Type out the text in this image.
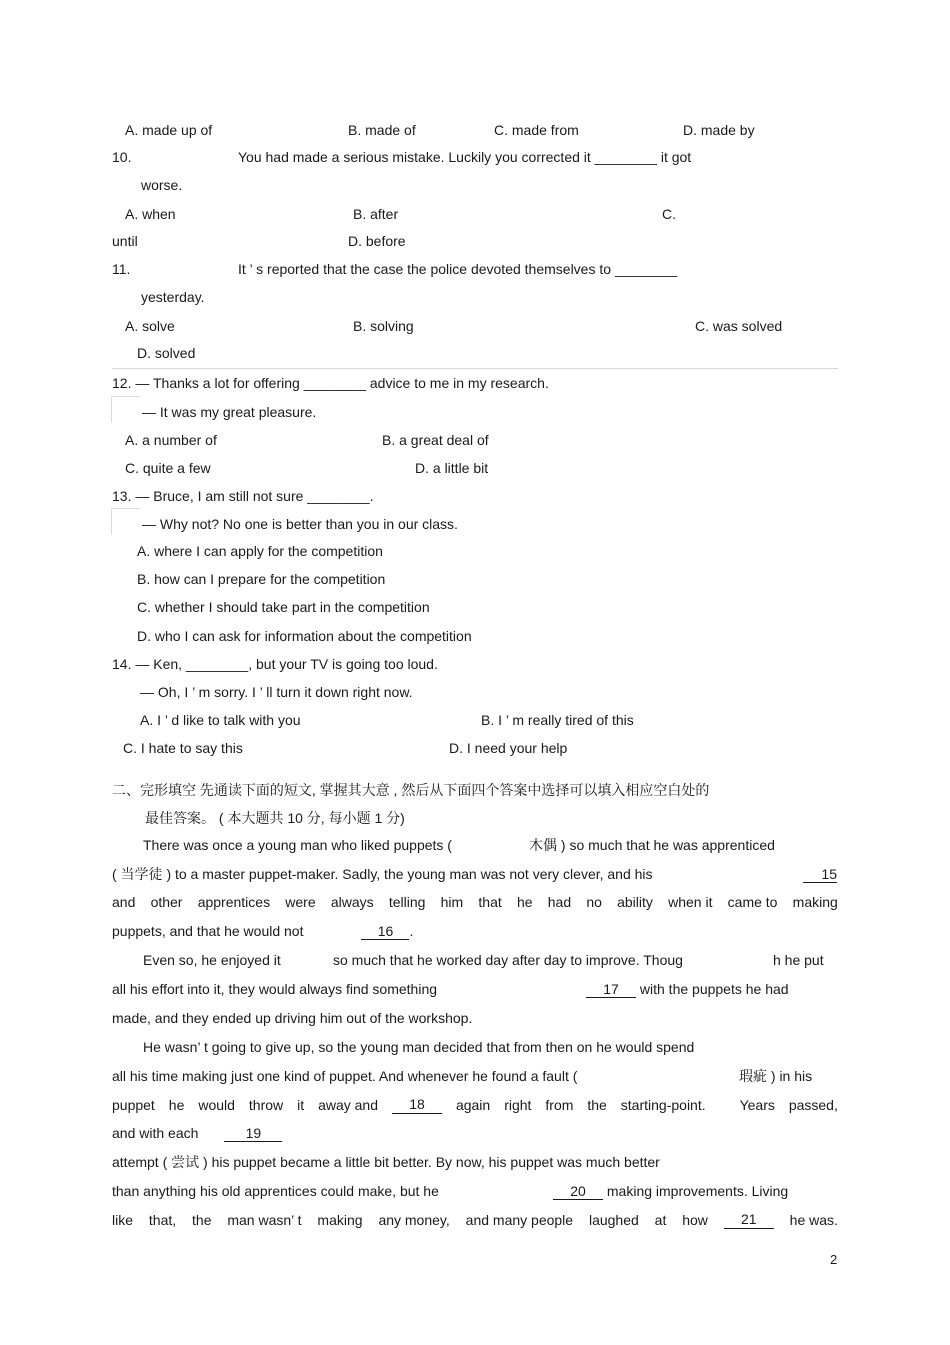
A. made up of	B. made of	C. made from	D. made by
10.	You had made a serious mistake. Luckily you corrected it ________ it got
worse.
A. when	B. after	C.
until	D. before
11.	It ’ s reported that the case the police devoted themselves to ________
yesterday.
A. solve	B. solving	C. was solved
D. solved
12. — Thanks a lot for offering ________ advice to me in my research.
— It was my great pleasure.
A. a number of	B. a great deal of
C. quite a few	D. a little bit
13. — Bruce, I am still not sure ________.
— Why not? No one is better than you in our class.
A. where I can apply for the competition
B. how can I prepare for the competition
C. whether I should take part in the competition
D. who I can ask for information about the competition
14. — Ken, ________, but your TV is going too loud.
— Oh, I ’ m sorry. I ’ ll turn it down right now.
A. I ’ d like to talk with you	B. I ’ m really tired of this
C. I hate to say this	D. I need your help
二、完形填空 先通读下面的短文, 掌握其大意 , 然后从下面四个答案中选择可以填入相应空白处的
最佳答案。 ( 本大题共 10 分, 每小题 1 分)
There was once a young man who liked puppets (	木偶 ) so much that he was apprenticed
( 当学徒 ) to a master puppet-maker. Sadly, the young man was not very clever, and his	15
and other apprentices were always telling him that he had no ability when it came to making
puppets, and that he would not	16 .
Even so, he enjoyed it	so much that he worked day after day to improve. Thoug	h he put
all his effort into it, they would always find something	17 with the puppets he had
made, and they ended up driving him out of the workshop.
He wasn’ t going to give up, so the young man decided that from then on he would spend
all his time making just one kind of puppet. And whenever he found a fault (	瑕疵 ) in his
puppet he would throw it away and	18	again right from the starting-point. Years passed,
and with each	19
attempt ( 尝试 ) his puppet became a little bit better. By now, his puppet was much better
than anything his old apprentices could make, but he	20 making improvements. Living
like that, the man wasn’ t making any money, and many people laughed at how	21	he was.
2
